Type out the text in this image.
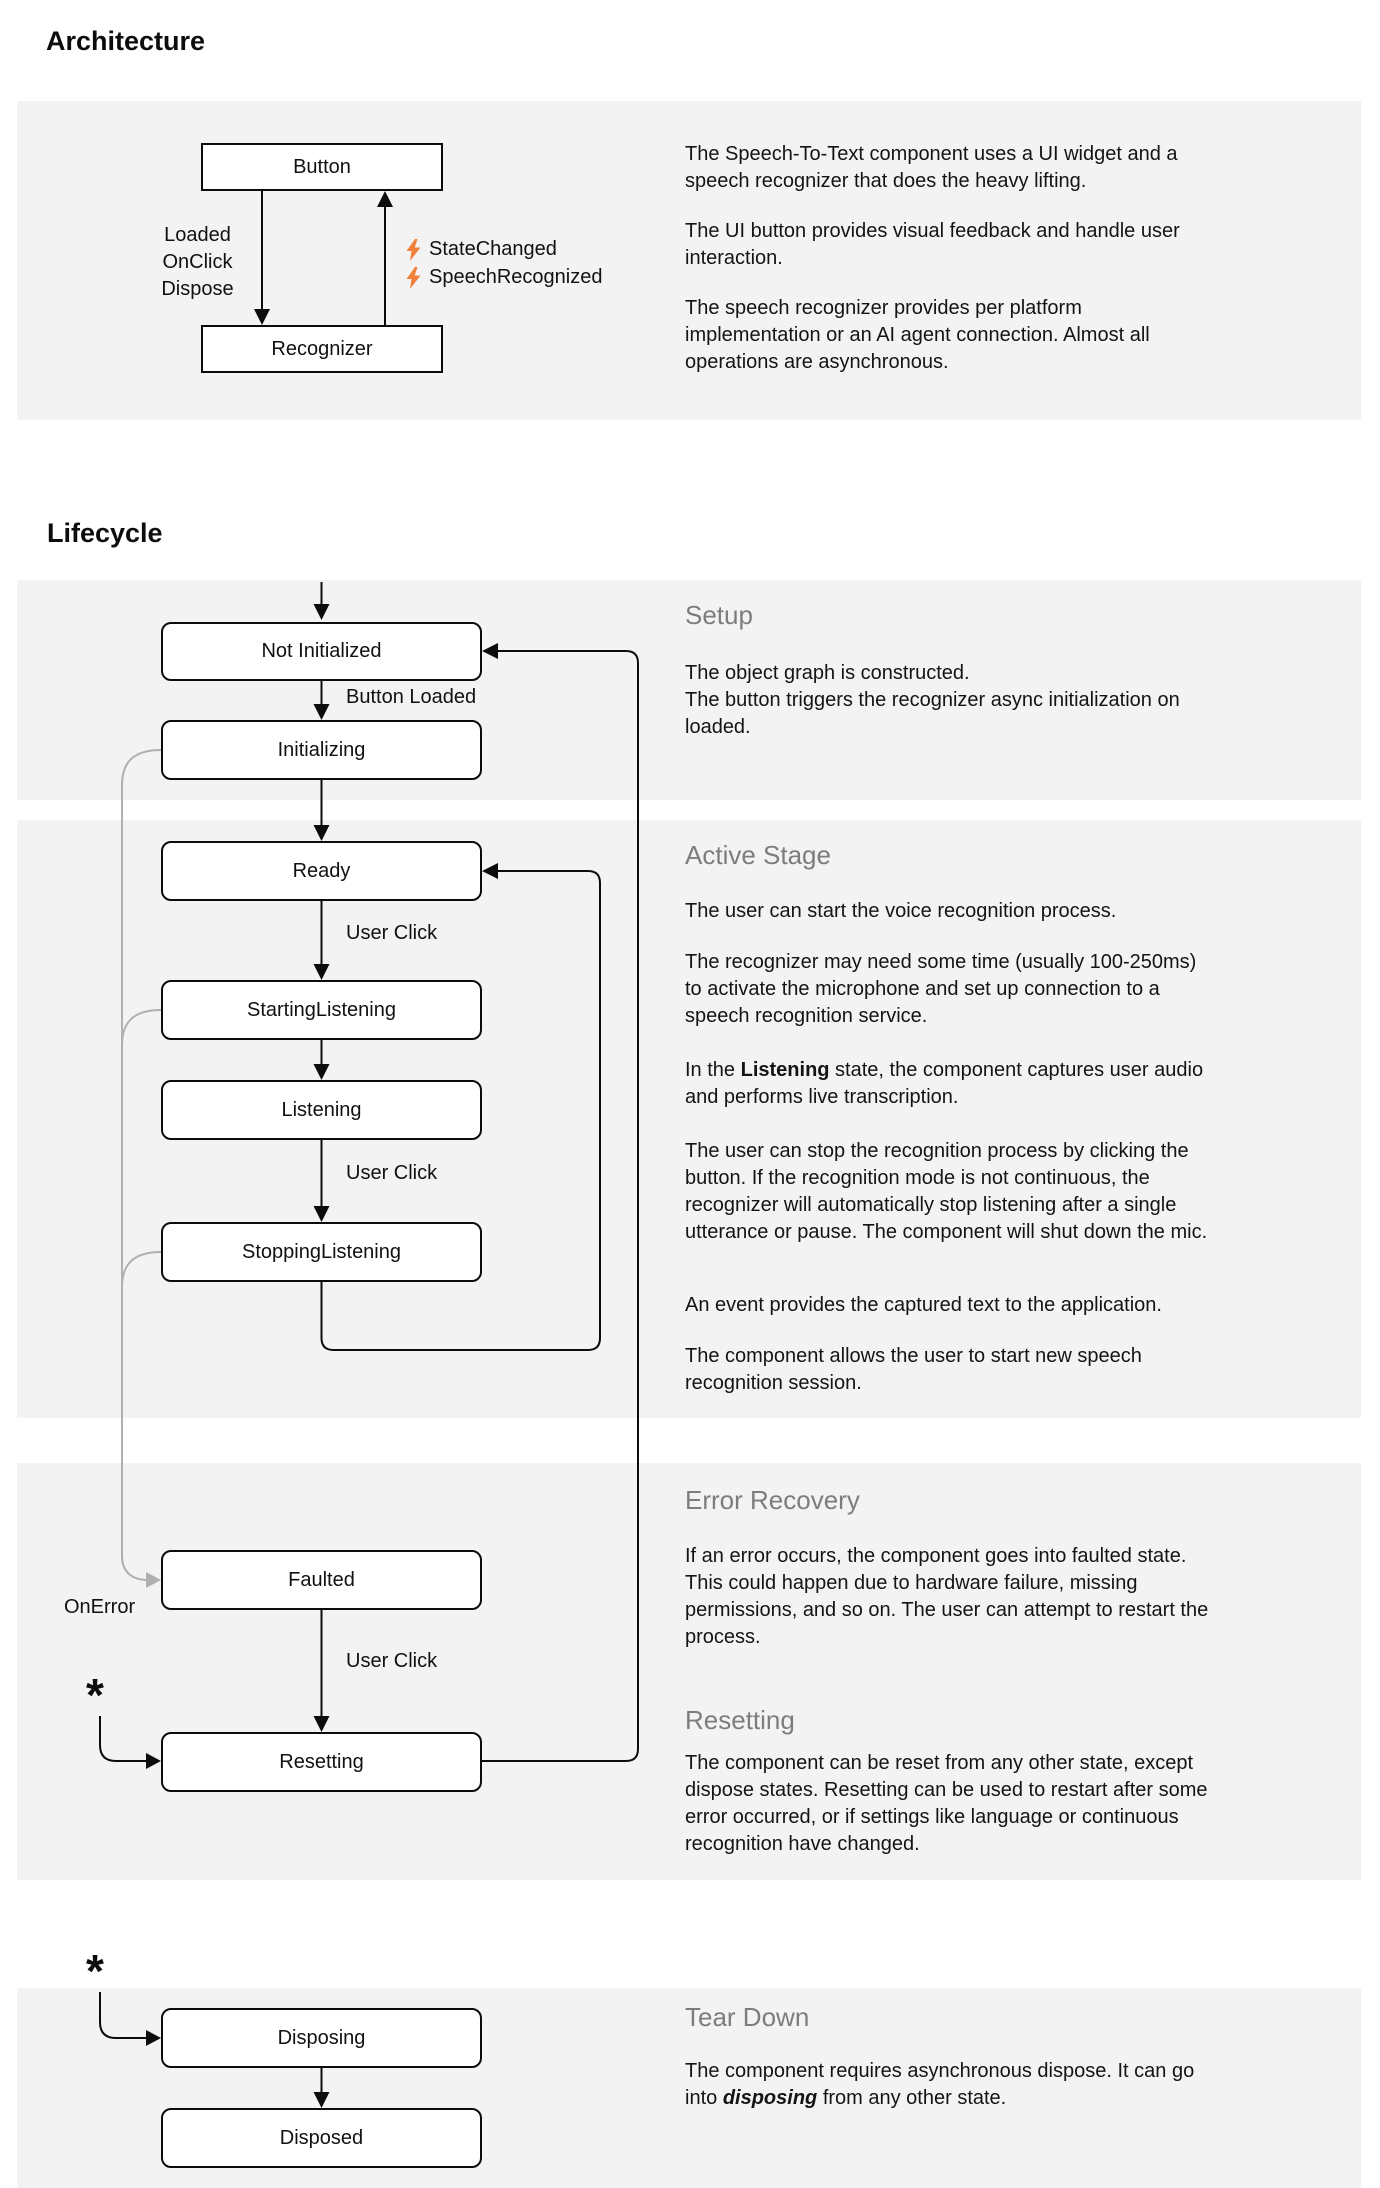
Architecture
Lifecycle
Button
Recognizer
Loaded
OnClick
Dispose
StateChanged
SpeechRecognized
The Speech-To-Text component uses a UI widget and a
speech recognizer that does the heavy lifting.
The UI button provides visual feedback and handle user
interaction.
The speech recognizer provides per platform
implementation or an AI agent connection. Almost all
operations are asynchronous.
Not Initialized
Initializing
Ready
StartingListening
Listening
StoppingListening
Faulted
Resetting
Disposing
Disposed
Button Loaded
User Click
User Click
User Click
OnError
*
*
Setup
The object graph is constructed.
The button triggers the recognizer async initialization on
loaded.
Active Stage
The user can start the voice recognition process.
The recognizer may need some time (usually 100-250ms)
to activate the microphone and set up connection to a
speech recognition service.
In the Listening state, the component captures user audio
and performs live transcription.
The user can stop the recognition process by clicking the
button. If the recognition mode is not continuous, the
recognizer will automatically stop listening after a single
utterance or pause. The component will shut down the mic.
An event provides the captured text to the application.
The component allows the user to start new speech
recognition session.
Error Recovery
If an error occurs, the component goes into faulted state.
This could happen due to hardware failure, missing
permissions, and so on. The user can attempt to restart the
process.
Resetting
The component can be reset from any other state, except
dispose states. Resetting can be used to restart after some
error occurred, or if settings like language or continuous
recognition have changed.
Tear Down
The component requires asynchronous dispose. It can go
into disposing from any other state.
